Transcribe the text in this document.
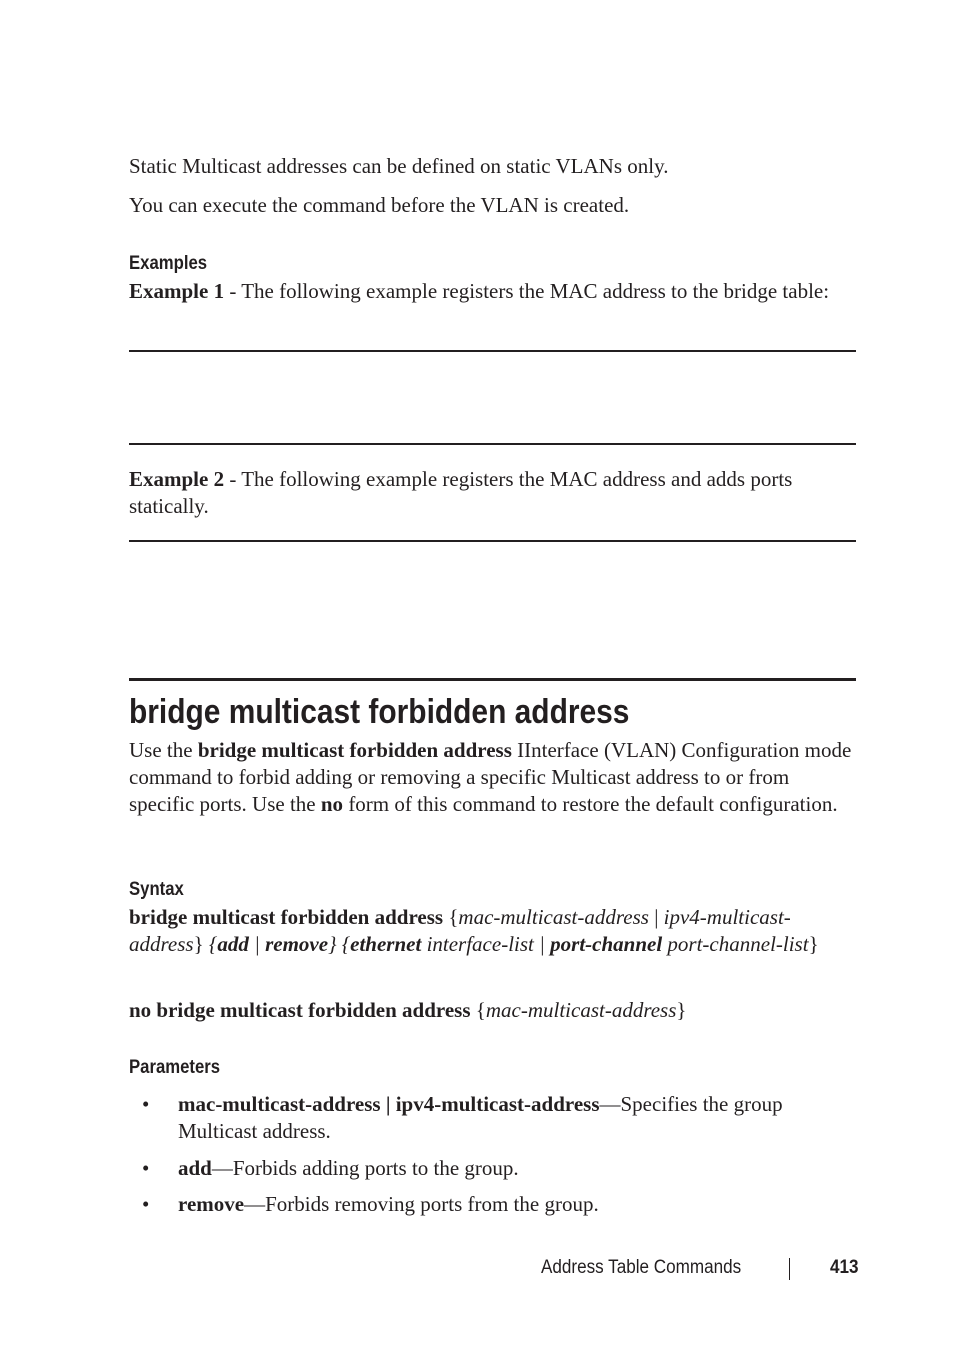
Static Multicast addresses can be defined on static VLANs only.
You can execute the command before the VLAN is created.
Examples
Example 1 - The following example registers the MAC address to the bridge table:
Example 2 - The following example registers the MAC address and adds ports statically.
bridge multicast forbidden address
Use the bridge multicast forbidden address IInterface (VLAN) Configuration mode command to forbid adding or removing a specific Multicast address to or from specific ports. Use the no form of this command to restore the default configuration.
Syntax
bridge multicast forbidden address {mac-multicast-address | ipv4-multicast-address} {add | remove} {ethernet interface-list | port-channel port-channel-list}
no bridge multicast forbidden address {mac-multicast-address}
Parameters
• mac-multicast-address | ipv4-multicast-address—Specifies the group Multicast address.
• add—Forbids adding ports to the group.
• remove—Forbids removing ports from the group.
Address Table Commands	413
